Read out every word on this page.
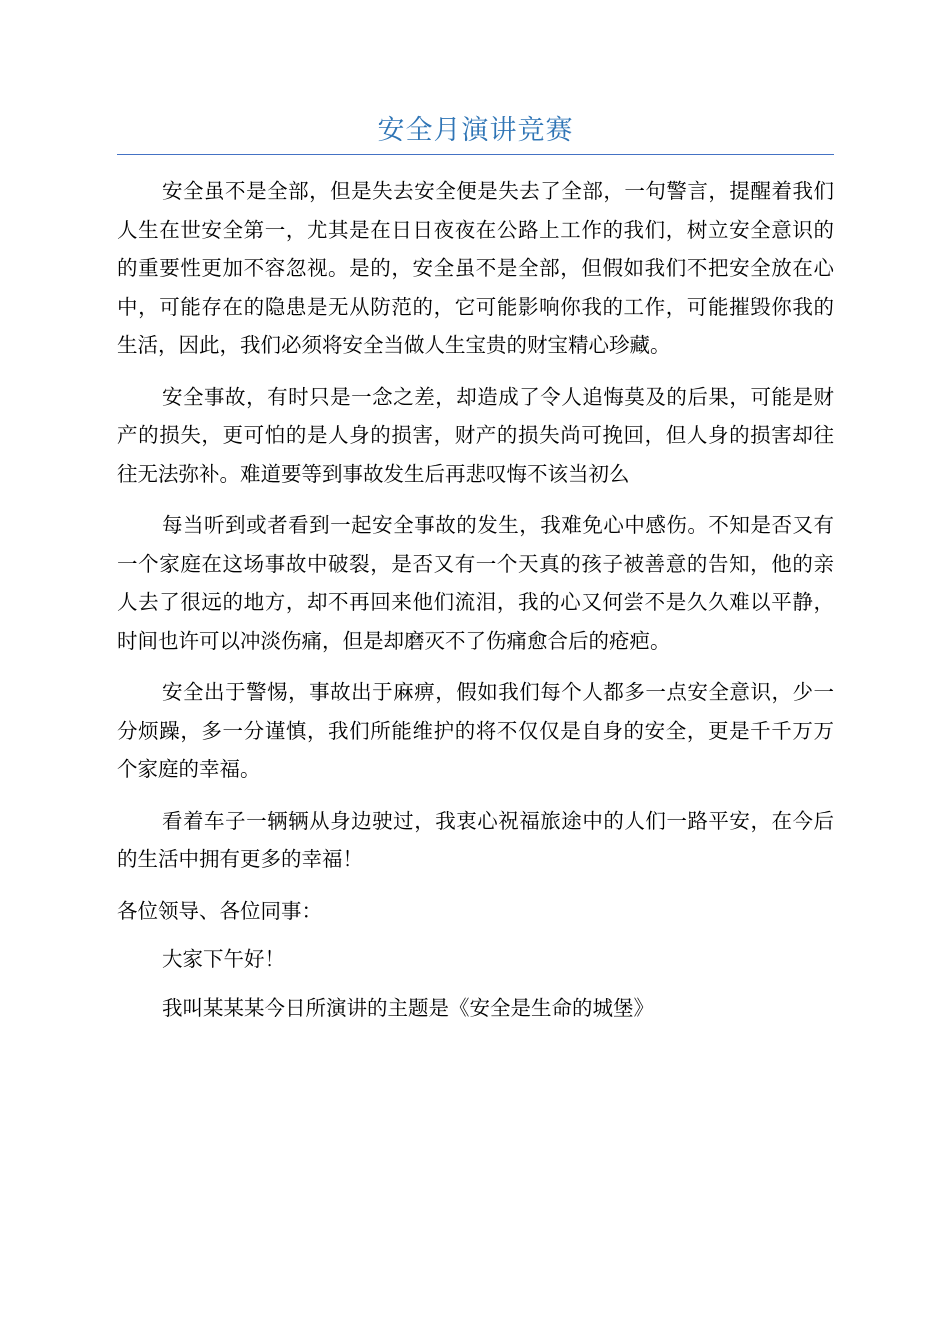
安全月演讲竞赛

安全虽不是全部，但是失去安全便是失去了全部，一句警言，提醒着我们人生在世安全第一，尤其是在日日夜夜在公路上工作的我们，树立安全意识的的重要性更加不容忽视。是的，安全虽不是全部，但假如我们不把安全放在心中，可能存在的隐患是无从防范的，它可能影响你我的工作，可能摧毁你我的生活，因此，我们必须将安全当做人生宝贵的财宝精心珍藏。

安全事故，有时只是一念之差，却造成了令人追悔莫及的后果，可能是财产的损失，更可怕的是人身的损害，财产的损失尚可挽回，但人身的损害却往往无法弥补。难道要等到事故发生后再悲叹悔不该当初么

每当听到或者看到一起安全事故的发生，我难免心中感伤。不知是否又有一个家庭在这场事故中破裂，是否又有一个天真的孩子被善意的告知，他的亲人去了很远的地方，却不再回来他们流泪，我的心又何尝不是久久难以平静，时间也许可以冲淡伤痛，但是却磨灭不了伤痛愈合后的疮疤。

安全出于警惕，事故出于麻痹，假如我们每个人都多一点安全意识，少一分烦躁，多一分谨慎，我们所能维护的将不仅仅是自身的安全，更是千千万万个家庭的幸福。

看着车子一辆辆从身边驶过，我衷心祝福旅途中的人们一路平安，在今后的生活中拥有更多的幸福！

各位领导、各位同事：

大家下午好！

我叫某某某今日所演讲的主题是《安全是生命的城堡》
